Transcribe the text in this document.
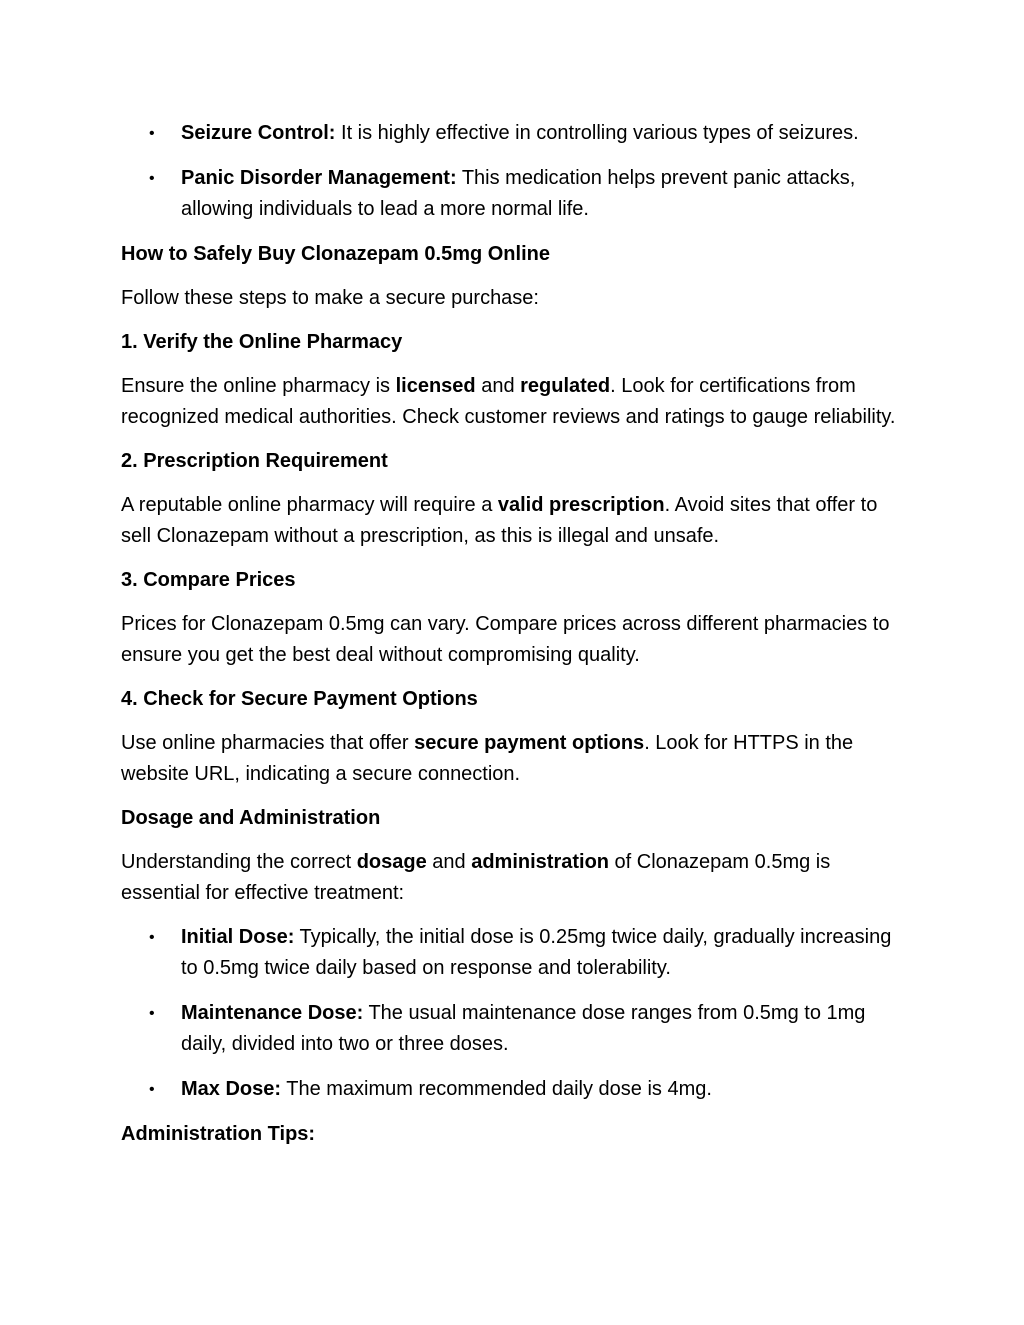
• Seizure Control: It is highly effective in controlling various types of seizures.
• Panic Disorder Management: This medication helps prevent panic attacks, allowing individuals to lead a more normal life.

How to Safely Buy Clonazepam 0.5mg Online

Follow these steps to make a secure purchase:

1. Verify the Online Pharmacy

Ensure the online pharmacy is licensed and regulated. Look for certifications from recognized medical authorities. Check customer reviews and ratings to gauge reliability.

2. Prescription Requirement

A reputable online pharmacy will require a valid prescription. Avoid sites that offer to sell Clonazepam without a prescription, as this is illegal and unsafe.

3. Compare Prices

Prices for Clonazepam 0.5mg can vary. Compare prices across different pharmacies to ensure you get the best deal without compromising quality.

4. Check for Secure Payment Options

Use online pharmacies that offer secure payment options. Look for HTTPS in the website URL, indicating a secure connection.

Dosage and Administration

Understanding the correct dosage and administration of Clonazepam 0.5mg is essential for effective treatment:

• Initial Dose: Typically, the initial dose is 0.25mg twice daily, gradually increasing to 0.5mg twice daily based on response and tolerability.
• Maintenance Dose: The usual maintenance dose ranges from 0.5mg to 1mg daily, divided into two or three doses.
• Max Dose: The maximum recommended daily dose is 4mg.

Administration Tips:
